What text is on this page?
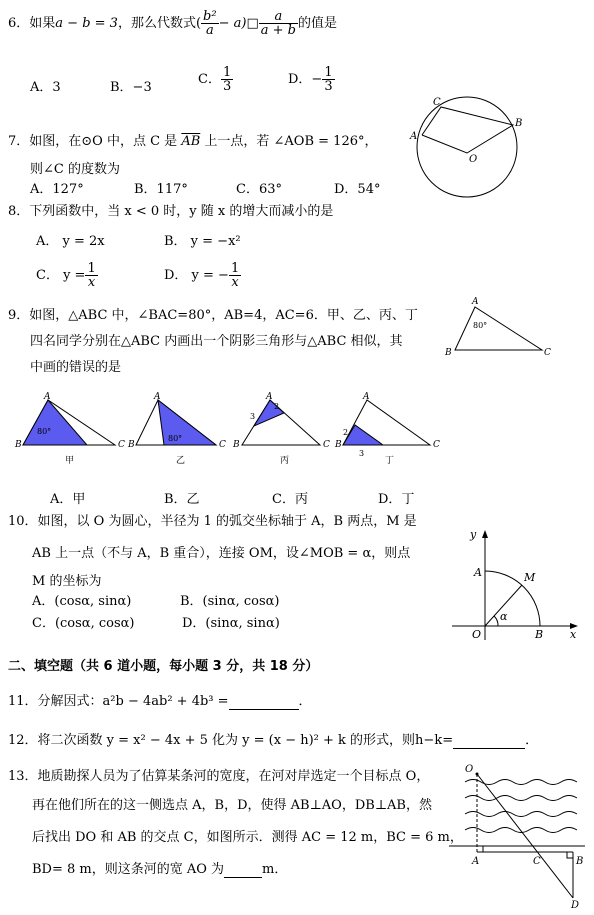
6．如果a − b = 3，那么代数式( $\frac{\text{b²}}{a}$ − a)□ $\frac{a}{a + b}$ 的值是
A．3	B．−3
C． $\frac{1}{3}$	D．− $\frac{1}{3}$
7．如图，在⊙O 中，点 C 是 $\overline{AB}$ 上一点，若 ∠AOB = 126°，
则∠C 的度数为
A．127°	B．117°	C．63°	D．54°
A
C
B
O
8．下列函数中，当 x < 0 时，y 随 x 的增大而减小的是
A． y = 2x	B． y = −x²
C． $y = \frac{1}{x}$	D． y = − $\frac{1}{x}$
9．如图，△ABC 中，∠BAC=80°，AB=4，AC=6．甲、乙、丙、丁
四名同学分别在△ABC 内画出一个阴影三角形与△ABC 相似，其
中画的错误的是
A
B	C
80°
A
B	C
80°
甲
A
B	C
80°
乙
A
B	C
3
2
丙
A
B	C
2
3
丁
A．甲	B．乙	C．丙	D．丁
10．如图，以 O 为圆心，半径为 1 的弧交坐标轴于 A，B 两点，M 是
AB 上一点（不与 A，B 重合），连接 OM，设∠MOB = α，则点
M 的坐标为
A．(cosα, sinα)	B．(sinα, cosα)
C．(cosα, cosα)	D．(sinα, sinα)
y
A	M
α
O	B x
二、填空题（共 6 道小题，每小题 3 分，共 18 分）
11．分解因式：a²b − 4ab² + 4b³ =	．
12．将二次函数 y = x² − 4x + 5 化为 y = (x − h)² + k 的形式，则h−k=	．
13．地质勘探人员为了估算某条河的宽度，在河对岸选定一个目标点 O，
再在他们所在的这一侧选点 A，B，D，使得 AB⊥AO，DB⊥AB，然
后找出 DO 和 AB 的交点 C，如图所示．测得 AC = 12 m，BC = 6 m，
BD= 8 m，则这条河的宽 AO 为	m．
O
A	C	B
D
